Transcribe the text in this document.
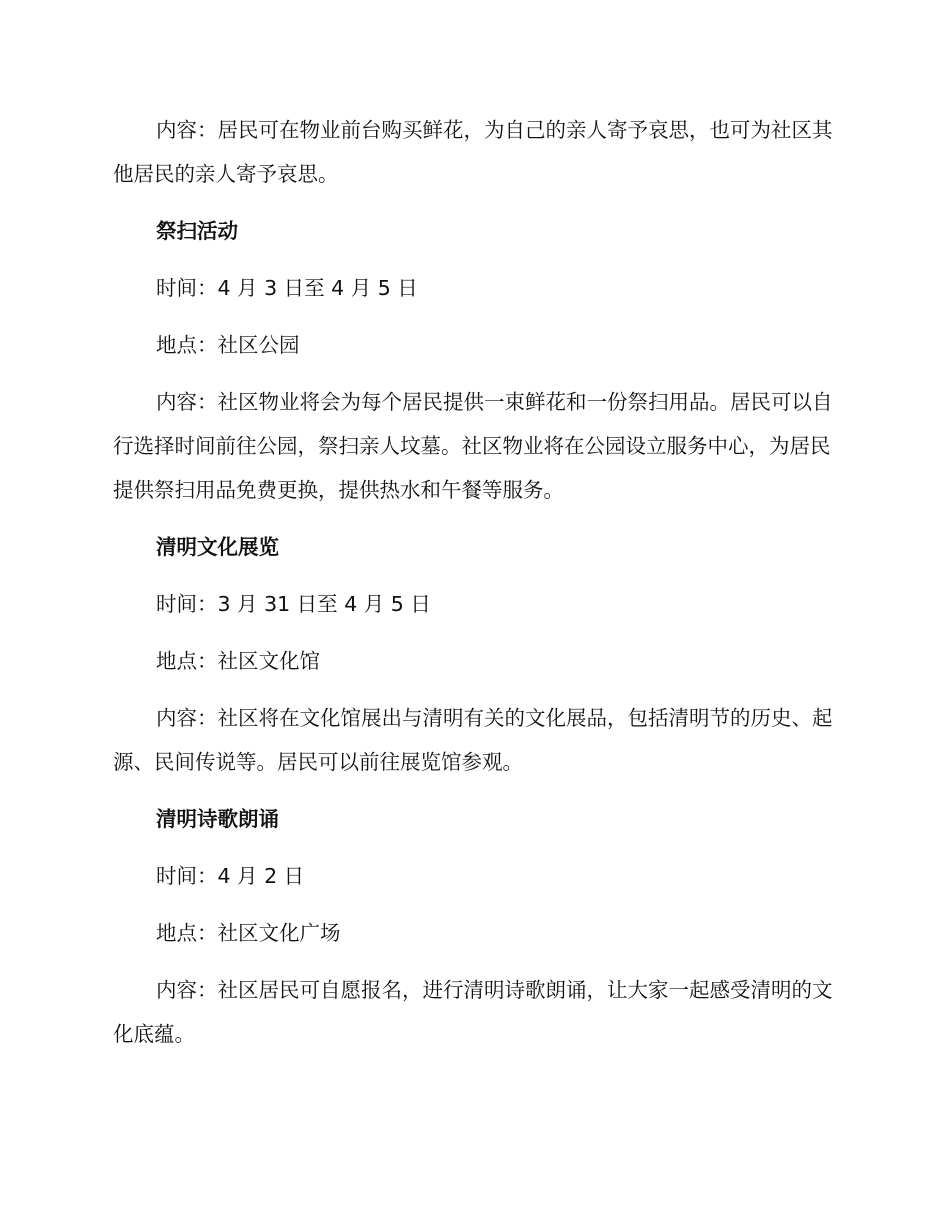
内容：居民可在物业前台购买鲜花，为自己的亲人寄予哀思，也可为社区其他居民的亲人寄予哀思。

祭扫活动

时间：4 月 3 日至 4 月 5 日

地点：社区公园

内容：社区物业将会为每个居民提供一束鲜花和一份祭扫用品。居民可以自行选择时间前往公园，祭扫亲人坟墓。社区物业将在公园设立服务中心，为居民提供祭扫用品免费更换，提供热水和午餐等服务。

清明文化展览

时间：3 月 31 日至 4 月 5 日

地点：社区文化馆

内容：社区将在文化馆展出与清明有关的文化展品，包括清明节的历史、起源、民间传说等。居民可以前往展览馆参观。

清明诗歌朗诵

时间：4 月 2 日

地点：社区文化广场

内容：社区居民可自愿报名，进行清明诗歌朗诵，让大家一起感受清明的文化底蕴。
